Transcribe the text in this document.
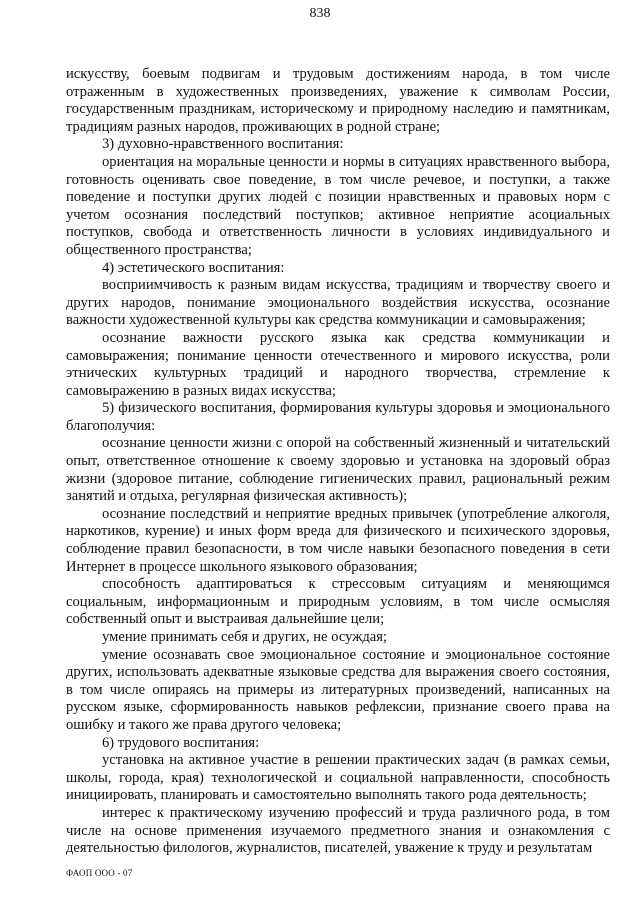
838

искусству, боевым подвигам и трудовым достижениям народа, в том числе отраженным в художественных произведениях, уважение к символам России, государственным праздникам, историческому и природному наследию и памятникам, традициям разных народов, проживающих в родной стране;

3) духовно-нравственного воспитания:

ориентация на моральные ценности и нормы в ситуациях нравственного выбора, готовность оценивать свое поведение, в том числе речевое, и поступки, а также поведение и поступки других людей с позиции нравственных и правовых норм с учетом осознания последствий поступков; активное неприятие асоциальных поступков, свобода и ответственность личности в условиях индивидуального и общественного пространства;

4) эстетического воспитания:

восприимчивость к разным видам искусства, традициям и творчеству своего и других народов, понимание эмоционального воздействия искусства, осознание важности художественной культуры как средства коммуникации и самовыражения;

осознание важности русского языка как средства коммуникации и самовыражения; понимание ценности отечественного и мирового искусства, роли этнических культурных традиций и народного творчества, стремление к самовыражению в разных видах искусства;

5) физического воспитания, формирования культуры здоровья и эмоционального благополучия:

осознание ценности жизни с опорой на собственный жизненный и читательский опыт, ответственное отношение к своему здоровью и установка на здоровый образ жизни (здоровое питание, соблюдение гигиенических правил, рациональный режим занятий и отдыха, регулярная физическая активность);

осознание последствий и неприятие вредных привычек (употребление алкоголя, наркотиков, курение) и иных форм вреда для физического и психического здоровья, соблюдение правил безопасности, в том числе навыки безопасного поведения в сети Интернет в процессе школьного языкового образования;

способность адаптироваться к стрессовым ситуациям и меняющимся социальным, информационным и природным условиям, в том числе осмысляя собственный опыт и выстраивая дальнейшие цели;

умение принимать себя и других, не осуждая;

умение осознавать свое эмоциональное состояние и эмоциональное состояние других, использовать адекватные языковые средства для выражения своего состояния, в том числе опираясь на примеры из литературных произведений, написанных на русском языке, сформированность навыков рефлексии, признание своего права на ошибку и такого же права другого человека;

6) трудового воспитания:

установка на активное участие в решении практических задач (в рамках семьи, школы, города, края) технологической и социальной направленности, способность инициировать, планировать и самостоятельно выполнять такого рода деятельность;

интерес к практическому изучению профессий и труда различного рода, в том числе на основе применения изучаемого предметного знания и ознакомления с деятельностью филологов, журналистов, писателей, уважение к труду и результатам

ФАОП ООО - 07
